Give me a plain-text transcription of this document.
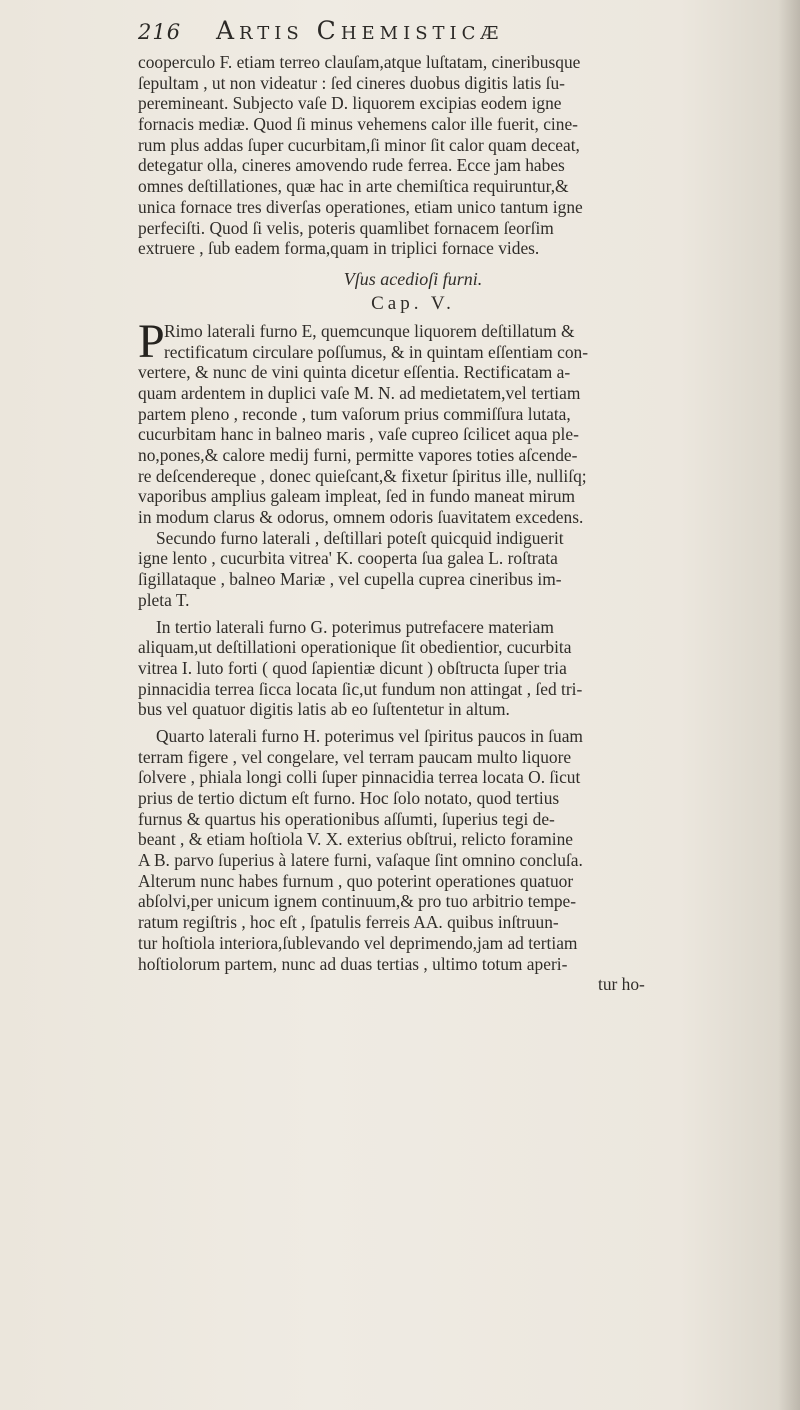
216 Artis Chemisticæ
cooperculo F. etiam terreo clauſam,atque luſtatam, cineribusque
ſepultam , ut non videatur : ſed cineres duobus digitis latis ſu-
peremineant. Subjecto vaſe D. liquorem excipias eodem igne
fornacis mediæ. Quod ſi minus vehemens calor ille fuerit, cine-
rum plus addas ſuper cucurbitam,ſi minor ſit calor quam deceat,
detegatur olla, cineres amovendo rude ferrea. Ecce jam habes
omnes deſtillationes, quæ hac in arte chemiſtica requiruntur,&
unica fornace tres diverſas operationes, etiam unico tantum igne
perfeciſti. Quod ſi velis, poteris quamlibet fornacem ſeorſim
extruere , ſub eadem forma,quam in triplici fornace vides.
Vſus acedioſi furni.
Cap. V.
P Rimo laterali furno E, quemcunque liquorem deſtillatum &
rectificatum circulare poſſumus, & in quintam eſſentiam con-
vertere, & nunc de vini quinta dicetur eſſentia. Rectificatam a-
quam ardentem in duplici vaſe M. N. ad medietatem,vel tertiam
partem pleno , reconde , tum vaſorum prius commiſſura lutata,
cucurbitam hanc in balneo maris , vaſe cupreo ſcilicet aqua ple-
no,pones,& calore medij furni, permitte vapores toties aſcende-
re deſcendereque , donec quieſcant,& fixetur ſpiritus ille, nulliſq;
vaporibus amplius galeam impleat, ſed in fundo maneat mirum
in modum clarus & odorus, omnem odoris ſuavitatem excedens.
Secundo furno laterali , deſtillari poteſt quicquid indiguerit
igne lento , cucurbita vitrea' K. cooperta ſua galea L. roſtrata
ſigillataque , balneo Mariæ , vel cupella cuprea cineribus im-
pleta T.
In tertio laterali furno G. poterimus putrefacere materiam
aliquam,ut deſtillationi operationique ſit obedientior, cucurbita
vitrea I. luto forti ( quod ſapientiæ dicunt ) obſtructa ſuper tria
pinnacidia terrea ſicca locata ſic,ut fundum non attingat , ſed tri-
bus vel quatuor digitis latis ab eo ſuſtentetur in altum.
Quarto laterali furno H. poterimus vel ſpiritus paucos in ſuam
terram figere , vel congelare, vel terram paucam multo liquore
ſolvere , phiala longi colli ſuper pinnacidia terrea locata O. ſicut
prius de tertio dictum eſt furno. Hoc ſolo notato, quod tertius
furnus & quartus his operationibus aſſumti, ſuperius tegi de-
beant , & etiam hoſtiola V. X. exterius obſtrui, relicto foramine
A B. parvo ſuperius à latere furni, vaſaque ſint omnino concluſa.
Alterum nunc habes furnum , quo poterint operationes quatuor
abſolvi,per unicum ignem continuum,& pro tuo arbitrio tempe-
ratum regiſtris , hoc eſt , ſpatulis ferreis AA. quibus inſtruun-
tur hoſtiola interiora,ſublevando vel deprimendo,jam ad tertiam
hoſtiolorum partem, nunc ad duas tertias , ultimo totum aperi-
tur ho-
